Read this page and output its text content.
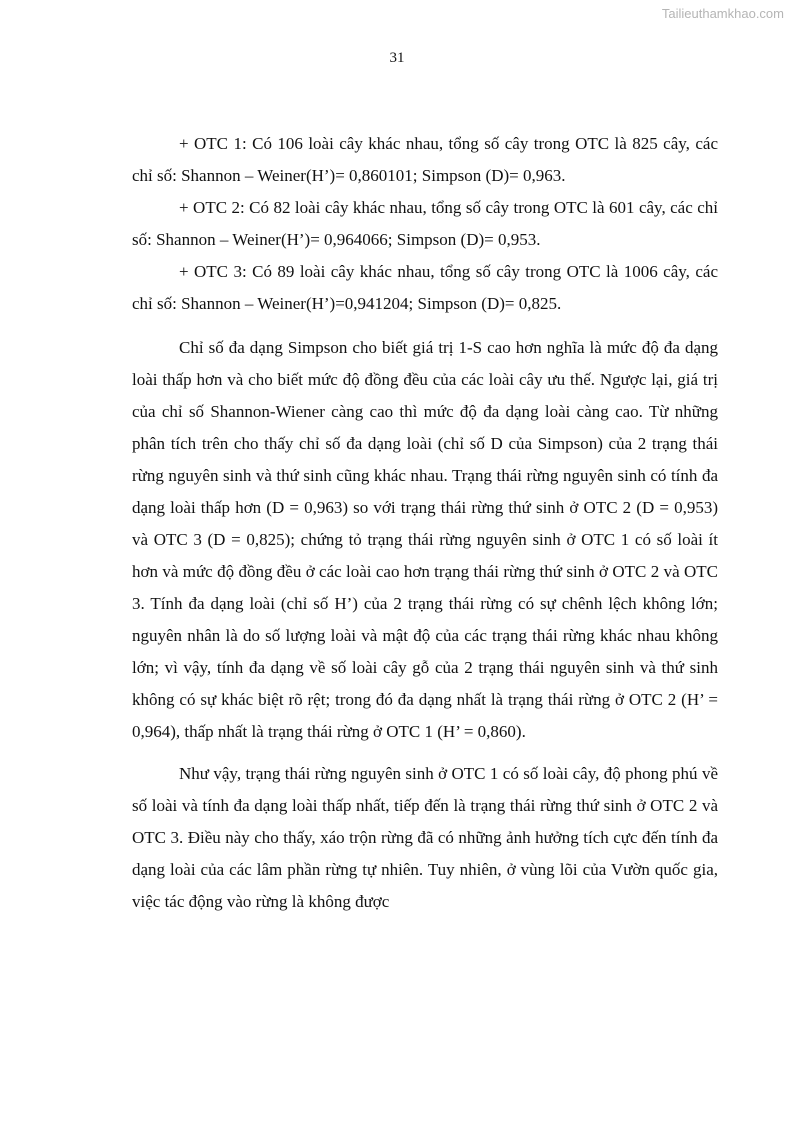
Tailieuthamkhao.com
31

+ OTC 1: Có 106 loài cây khác nhau, tổng số cây trong OTC là 825 cây, các chỉ số: Shannon – Weiner(H’)= 0,860101; Simpson (D)= 0,963.

+ OTC 2: Có 82 loài cây khác nhau, tổng số cây trong OTC là 601 cây, các chỉ số: Shannon – Weiner(H’)= 0,964066; Simpson (D)= 0,953.

+ OTC 3: Có 89 loài cây khác nhau, tổng số cây trong OTC là 1006 cây, các chỉ số: Shannon – Weiner(H’)=0,941204; Simpson (D)= 0,825.

Chỉ số đa dạng Simpson cho biết giá trị 1-S cao hơn nghĩa là mức độ đa dạng loài thấp hơn và cho biết mức độ đồng đều của các loài cây ưu thế. Ngược lại, giá trị của chỉ số Shannon-Wiener càng cao thì mức độ đa dạng loài càng cao. Từ những phân tích trên cho thấy chỉ số đa dạng loài (chỉ số D của Simpson) của 2 trạng thái rừng nguyên sinh và thứ sinh cũng khác nhau. Trạng thái rừng nguyên sinh có tính đa dạng loài thấp hơn (D = 0,963) so với trạng thái rừng thứ sinh ở OTC 2 (D = 0,953) và OTC 3 (D = 0,825); chứng tỏ trạng thái rừng nguyên sinh ở OTC 1 có số loài ít hơn và mức độ đồng đều ở các loài cao hơn trạng thái rừng thứ sinh ở OTC 2 và OTC 3. Tính đa dạng loài (chỉ số H’) của 2 trạng thái rừng có sự chênh lệch không lớn; nguyên nhân là do số lượng loài và mật độ của các trạng thái rừng khác nhau không lớn; vì vậy, tính đa dạng về số loài cây gỗ của 2 trạng thái nguyên sinh và thứ sinh không có sự khác biệt rõ rệt; trong đó đa dạng nhất là trạng thái rừng ở OTC 2 (H’ = 0,964), thấp nhất là trạng thái rừng ở OTC 1 (H’ = 0,860).

Như vậy, trạng thái rừng nguyên sinh ở OTC 1 có số loài cây, độ phong phú về số loài và tính đa dạng loài thấp nhất, tiếp đến là trạng thái rừng thứ sinh ở OTC 2 và OTC 3. Điều này cho thấy, xáo trộn rừng đã có những ảnh hưởng tích cực đến tính đa dạng loài của các lâm phần rừng tự nhiên. Tuy nhiên, ở vùng lõi của Vườn quốc gia, việc tác động vào rừng là không được
